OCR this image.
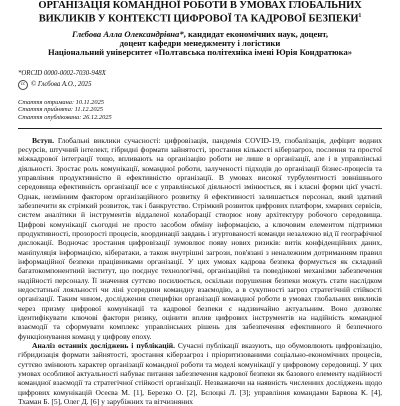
ОРГАНІЗАЦІЯ КОМАНДНОЇ РОБОТИ В УМОВАХ ГЛОБАЛЬНИХ
ВИКЛИКІВ У КОНТЕКСТІ ЦИФРОВОЇ ТА КАДРОВОЇ БЕЗПЕКИ$^1$
Глєбова Алла Олександрівна*, кандидат економічних наук, доцент,
доцент кафедри менеджменту і логістики
Національний університет «Полтавська політехніка імені Юрія Кондратюка»
*ORCID 0000-0002-7030-948X
cc © Глєбова А.О., 2025
Стаття отримана: 10.11.2025
Стаття прийнята: 11.12.2025
Стаття опублікована: 26.12.2025

Вступ. Глобальні виклики сучасності: цифровізація, пандемія COVID-19, глобалізація, дефіцит водних ресурсів, штучний інтелект, гібридні формати зайнятості, зростання кількості кіберзагроз, послення та простої міжкадрової інтеграції тощо, впливають на організацію роботи не лише в організації, але і в управлінські діяльності. Зростає роль комунікації, командної роботи, залученості підходів до організації бізнес-процесів та управління продуктивністю й ефективністю організації. В умовах високої турбулентності зовнішнього середовища ефективність організації все є управлінської діяльності змінюється, як і класні форми цієї участі. Однак, незмінним фактором організаційного розвитку й ефективності залишається персонал, який здатний забезпечити як стрімкий розвиток, так і банкрутство. Стрімкий розвиток цифрових платформ, хмарних сервісів, систем аналітики й інструментів віддаленої колаборації створює нову архітектуру робочого середовища. Цифрові комунікації сьогодні не просто засобом обміну інформацією, а ключовим елементом підтримки продуктивності, прозорості процесів, координації завдань і згуртованості команди незалежно від її географічної дислокації. Водночас зростання цифровізації зумовлює появу нових ризиків: витік конфіденційних даних, маніпуляція інформацією, кібератаки, а також внутрішні загрози, пов'язані з неналежним дотриманням правил інформаційної безпеки працівниками організації. У цих умовах кадрова безпека формується як складний багатокомпонентний інститут, що поєднує технологічні, організаційні та поведінкові механізми забезпечення надійності персоналу. Її значення суттєво посилюється, оскільки порушення безпеки можуть стати наслідком недостатньої лояльності чи ліні усередини командну взаємодію, а в сукупності загроз стратегічній стійкості організації. Таким чином, дослідження специфіки організації командної роботи в умовах глобальних викликів через призму цифрової комунікації та кадрової безпеки є надзвичайно актуальним. Воно дозволяє ідентифікувати ключові фактори ризику, оцінити вплив цифрових інструментів на надійність командної взаємодії та сформувати комплекс управлінських рішень для забезпечення ефективного й безпечного функціонування команд у цифрову епоху.

Аналіз останніх досліджень і публікацій. Сучасні публікації вказують, що обумовлюють цифровізацію, гібридизація формати зайнятості, зростання кіберзагроз і пріоритизованими соціально-економічних процесів, суттєво змінюють характер організації командної роботи та моделі комунікації у цифровому середовищі. У цих умовах особливої актуальності набуває питання забезпечення кадрової безпеки як базового елементу надійності командної взаємодії та стратегічної стійкості організації. Незважаючи на наявність численних досліджень щодо цифрових комунікацій Осеєва М. [1], Березко О. [2], Бєлоцкі Л. [3]; управління командами Барвова К. [4], Тхаман Б. [5], Олег Д. [6] у зарубіжних та вітчизняних
